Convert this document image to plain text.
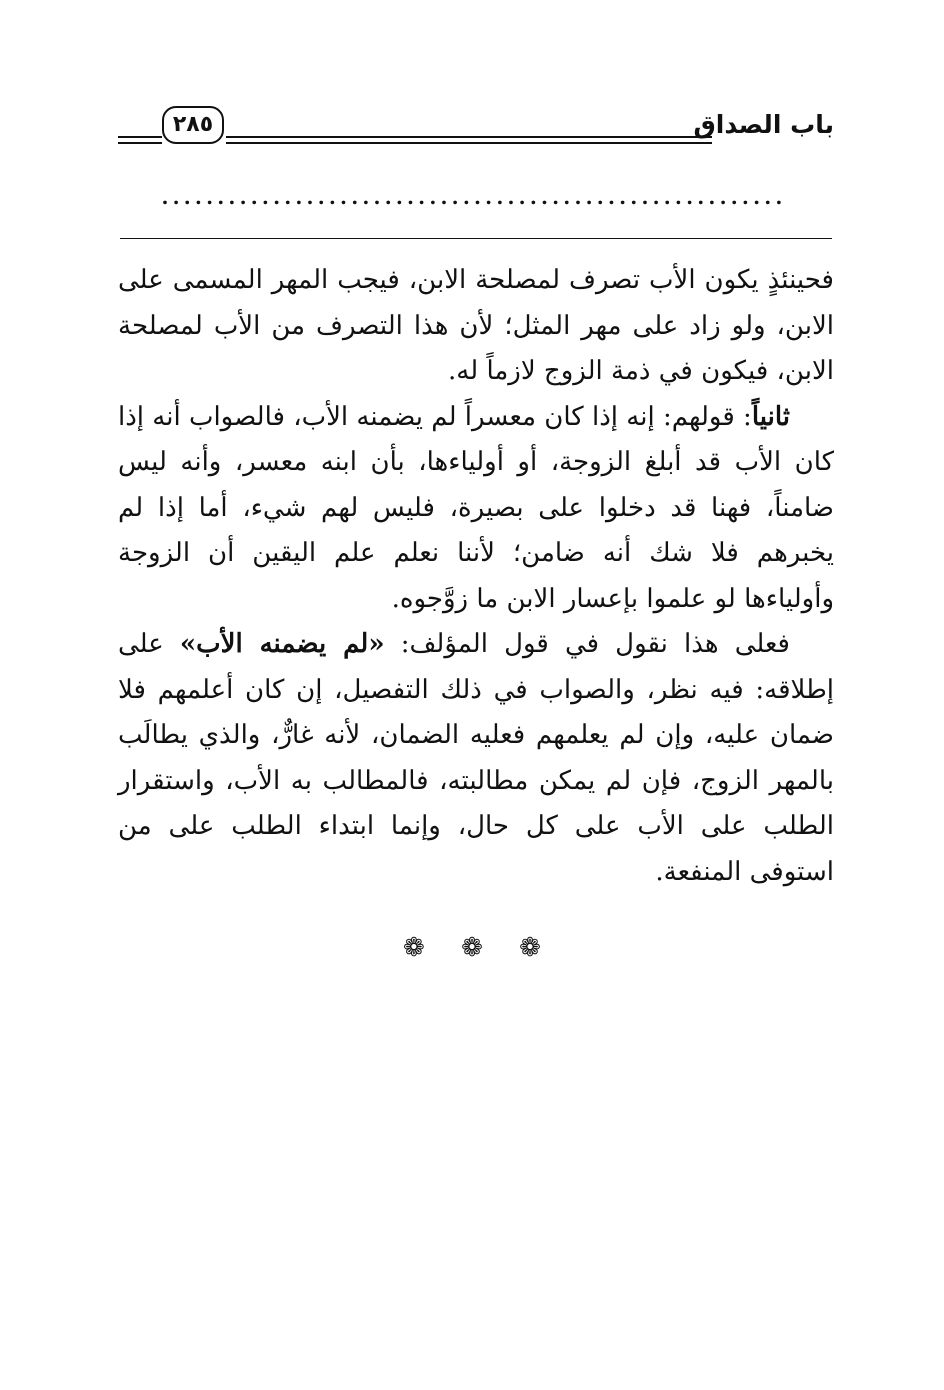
باب الصداق
٢٨٥
........................................................

فحينئذٍ يكون الأب تصرف لمصلحة الابن، فيجب المهر المسمى على الابن، ولو زاد على مهر المثل؛ لأن هذا التصرف من الأب لمصلحة الابن، فيكون في ذمة الزوج لازماً له.

ثانياً: قولهم: إنه إذا كان معسراً لم يضمنه الأب، فالصواب أنه إذا كان الأب قد أبلغ الزوجة، أو أولياءها، بأن ابنه معسر، وأنه ليس ضامناً، فهنا قد دخلوا على بصيرة، فليس لهم شيء، أما إذا لم يخبرهم فلا شك أنه ضامن؛ لأننا نعلم علم اليقين أن الزوجة وأولياءها لو علموا بإعسار الابن ما زوَّجوه.

فعلى هذا نقول في قول المؤلف: «لم يضمنه الأب» على إطلاقه: فيه نظر، والصواب في ذلك التفصيل، إن كان أعلمهم فلا ضمان عليه، وإن لم يعلمهم فعليه الضمان، لأنه غارٌّ، والذي يطالَب بالمهر الزوج، فإن لم يمكن مطالبته، فالمطالب به الأب، واستقرار الطلب على الأب على كل حال، وإنما ابتداء الطلب على من استوفى المنفعة.

❁ ❁ ❁
